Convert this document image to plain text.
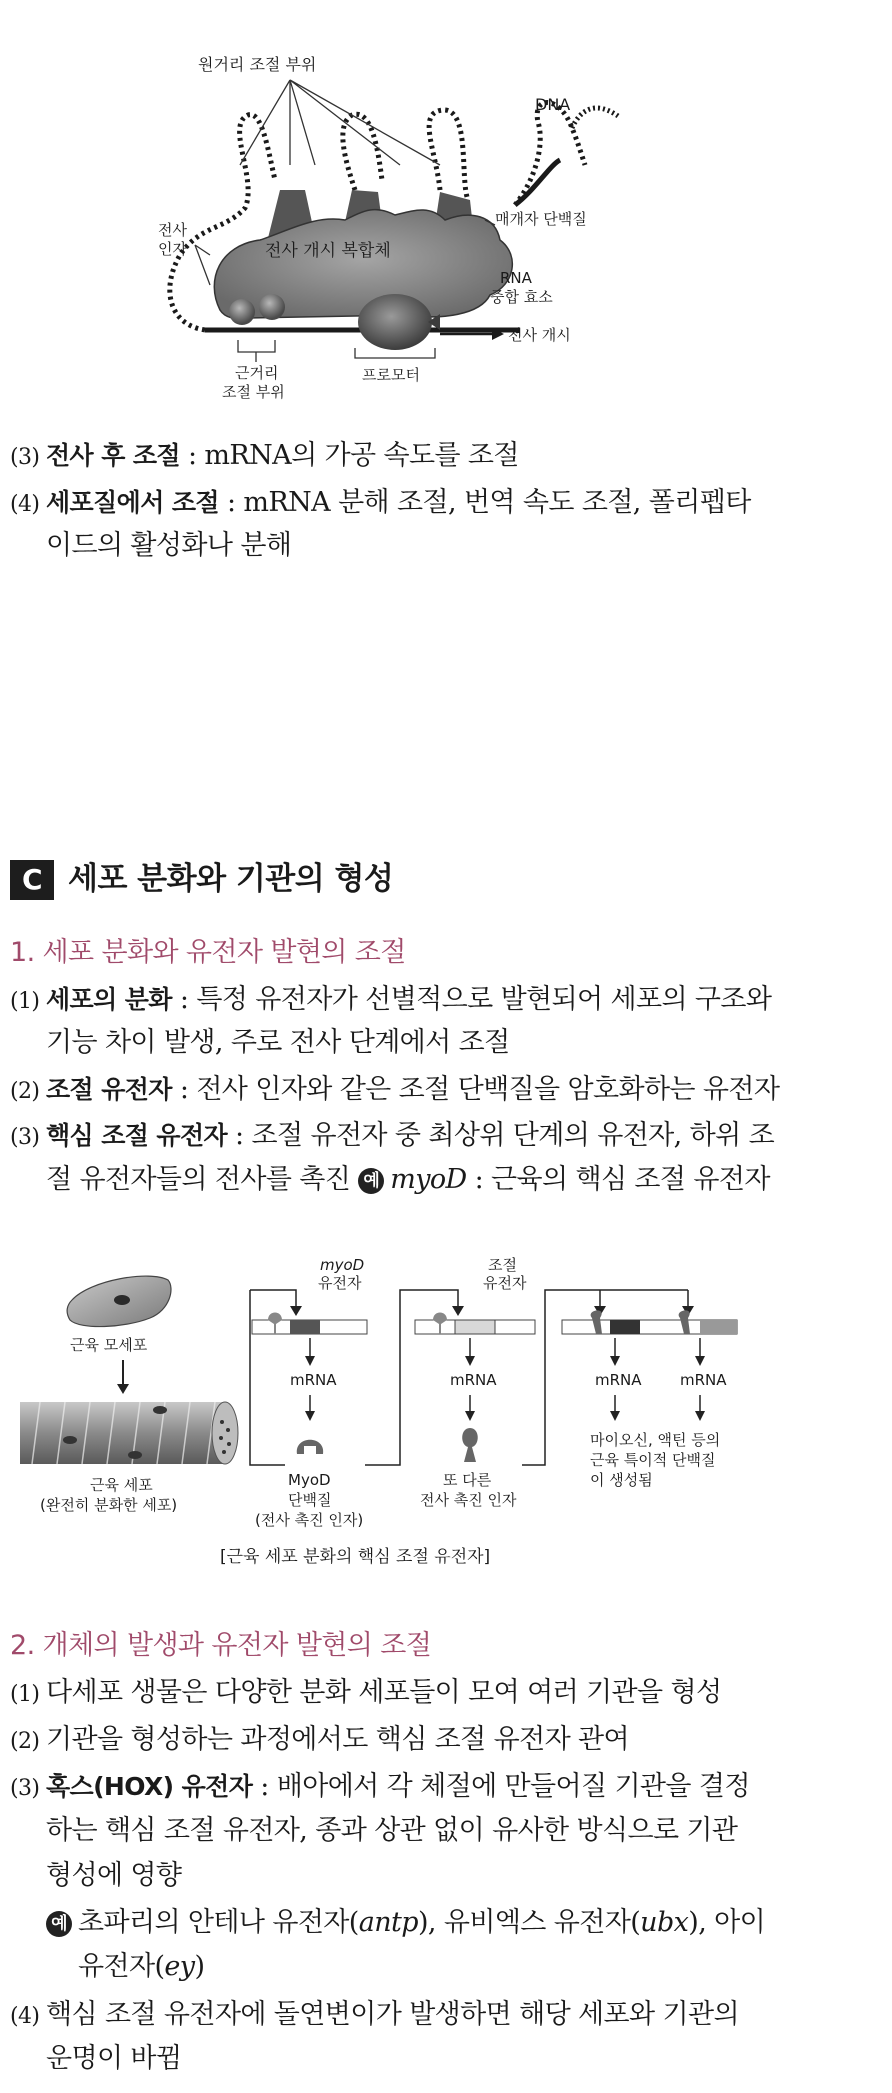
원거리 조절 부위
DNA
매개자 단백질
전사
인자	전사 개시 복합체
RNA
중합 효소
전사 개시
근거리
조절 부위
프로모터
(3) 전사 후 조절 : mRNA의 가공 속도를 조절
(4) 세포질에서 조절 : mRNA 분해 조절, 번역 속도 조절, 폴리펩타
이드의 활성화나 분해
C 세포 분화와 기관의 형성
1. 세포 분화와 유전자 발현의 조절
(1) 세포의 분화 : 특정 유전자가 선별적으로 발현되어 세포의 구조와
기능 차이 발생, 주로 전사 단계에서 조절
(2) 조절 유전자 : 전사 인자와 같은 조절 단백질을 암호화하는 유전자
(3) 핵심 조절 유전자 : 조절 유전자 중 최상위 단계의 유전자, 하위 조
절 유전자들의 전사를 촉진 예 myoD : 근육의 핵심 조절 유전자
근육 모세포
근육 세포
(완전히 분화한 세포)
myoD
유전자
조절
유전자
mRNA	mRNA	mRNA	mRNA
MyoD
단백질
(전사 촉진 인자)
또 다른
전사 촉진 인자
마이오신, 액틴 등의
근육 특이적 단백질
이 생성됨
[근육 세포 분화의 핵심 조절 유전자]
2. 개체의 발생과 유전자 발현의 조절
(1) 다세포 생물은 다양한 분화 세포들이 모여 여러 기관을 형성
(2) 기관을 형성하는 과정에서도 핵심 조절 유전자 관여
(3) 혹스(HOX) 유전자 : 배아에서 각 체절에 만들어질 기관을 결정
하는 핵심 조절 유전자, 종과 상관 없이 유사한 방식으로 기관
형성에 영향
예 초파리의 안테나 유전자(antp), 유비엑스 유전자(ubx), 아이
유전자(ey)
(4) 핵심 조절 유전자에 돌연변이가 발생하면 해당 세포와 기관의
운명이 바뀜
